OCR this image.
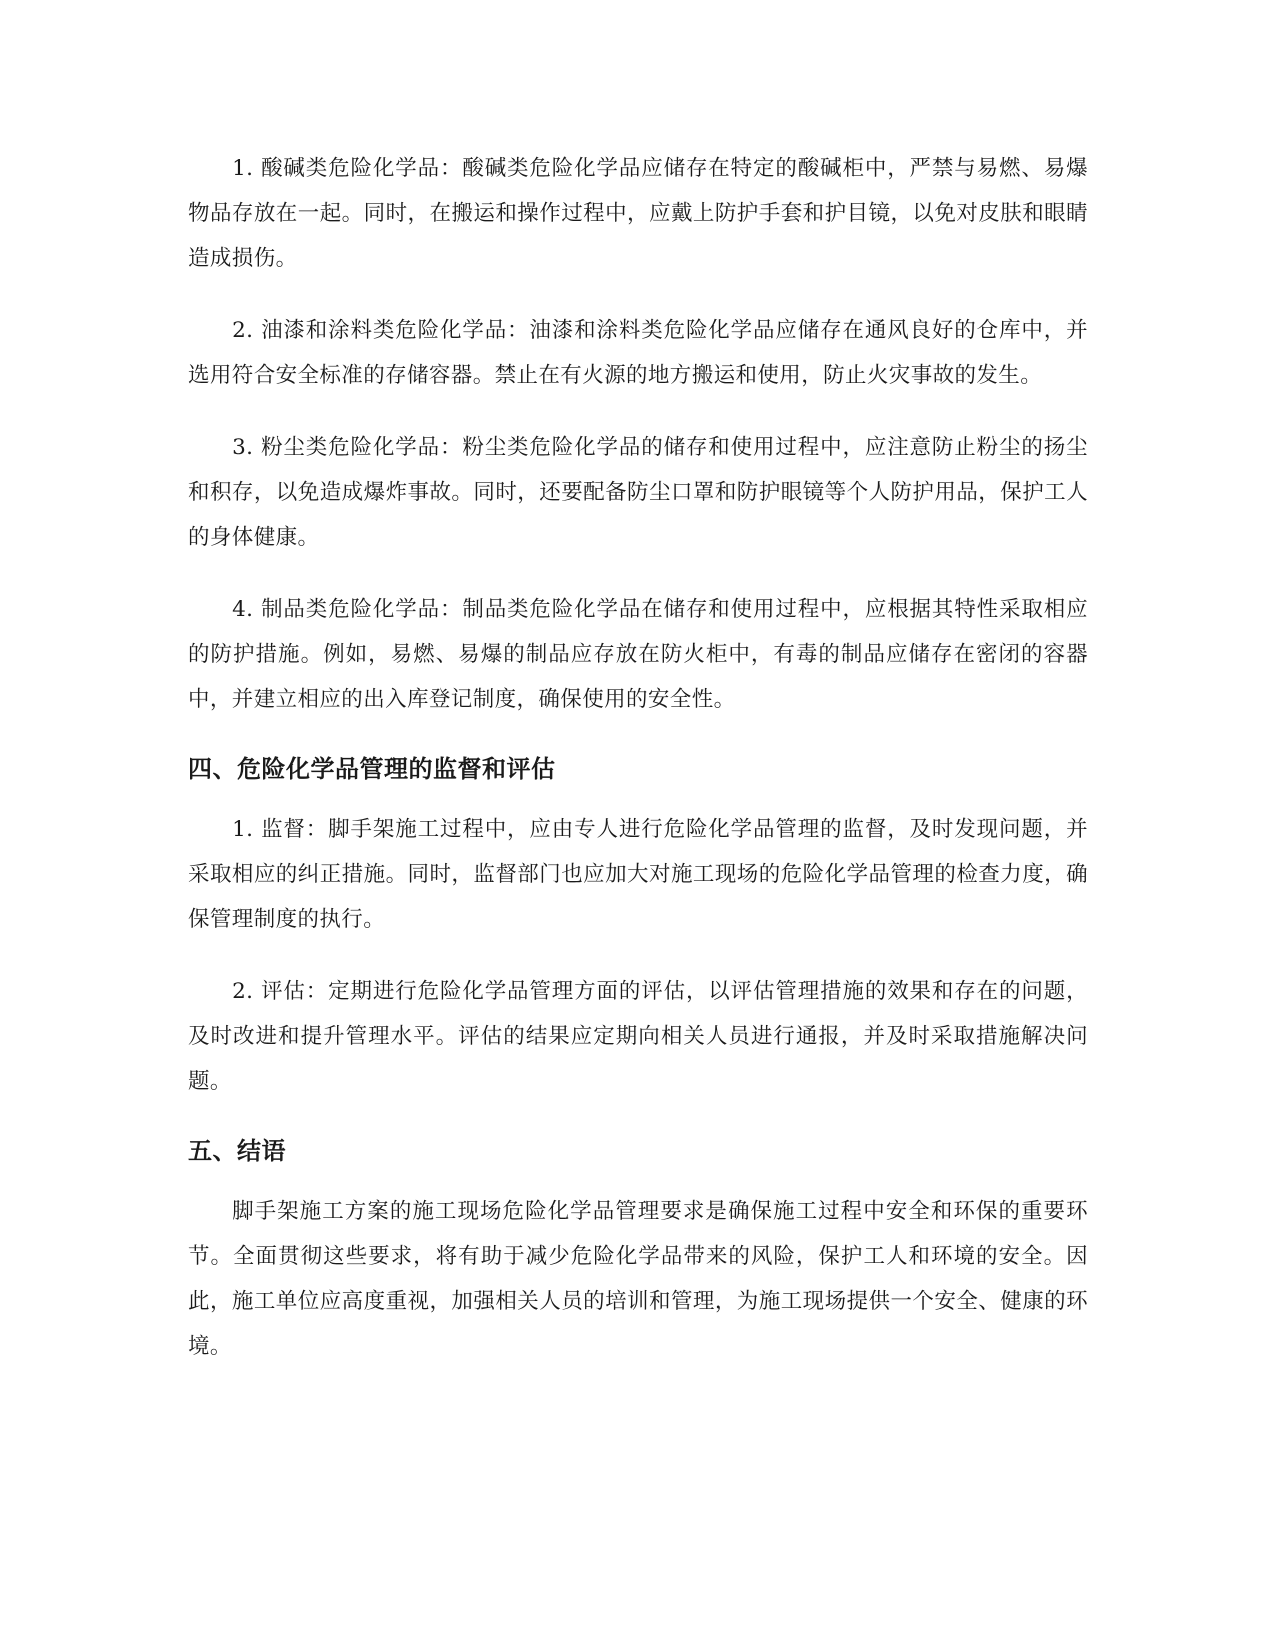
1. 酸碱类危险化学品：酸碱类危险化学品应储存在特定的酸碱柜中，严禁与易燃、易爆物品存放在一起。同时，在搬运和操作过程中，应戴上防护手套和护目镜，以免对皮肤和眼睛造成损伤。

2. 油漆和涂料类危险化学品：油漆和涂料类危险化学品应储存在通风良好的仓库中，并选用符合安全标准的存储容器。禁止在有火源的地方搬运和使用，防止火灾事故的发生。

3. 粉尘类危险化学品：粉尘类危险化学品的储存和使用过程中，应注意防止粉尘的扬尘和积存，以免造成爆炸事故。同时，还要配备防尘口罩和防护眼镜等个人防护用品，保护工人的身体健康。

4. 制品类危险化学品：制品类危险化学品在储存和使用过程中，应根据其特性采取相应的防护措施。例如，易燃、易爆的制品应存放在防火柜中，有毒的制品应储存在密闭的容器中，并建立相应的出入库登记制度，确保使用的安全性。

四、危险化学品管理的监督和评估

1. 监督：脚手架施工过程中，应由专人进行危险化学品管理的监督，及时发现问题，并采取相应的纠正措施。同时，监督部门也应加大对施工现场的危险化学品管理的检查力度，确保管理制度的执行。

2. 评估：定期进行危险化学品管理方面的评估，以评估管理措施的效果和存在的问题，及时改进和提升管理水平。评估的结果应定期向相关人员进行通报，并及时采取措施解决问题。

五、结语

脚手架施工方案的施工现场危险化学品管理要求是确保施工过程中安全和环保的重要环节。全面贯彻这些要求，将有助于减少危险化学品带来的风险，保护工人和环境的安全。因此，施工单位应高度重视，加强相关人员的培训和管理，为施工现场提供一个安全、健康的环境。
